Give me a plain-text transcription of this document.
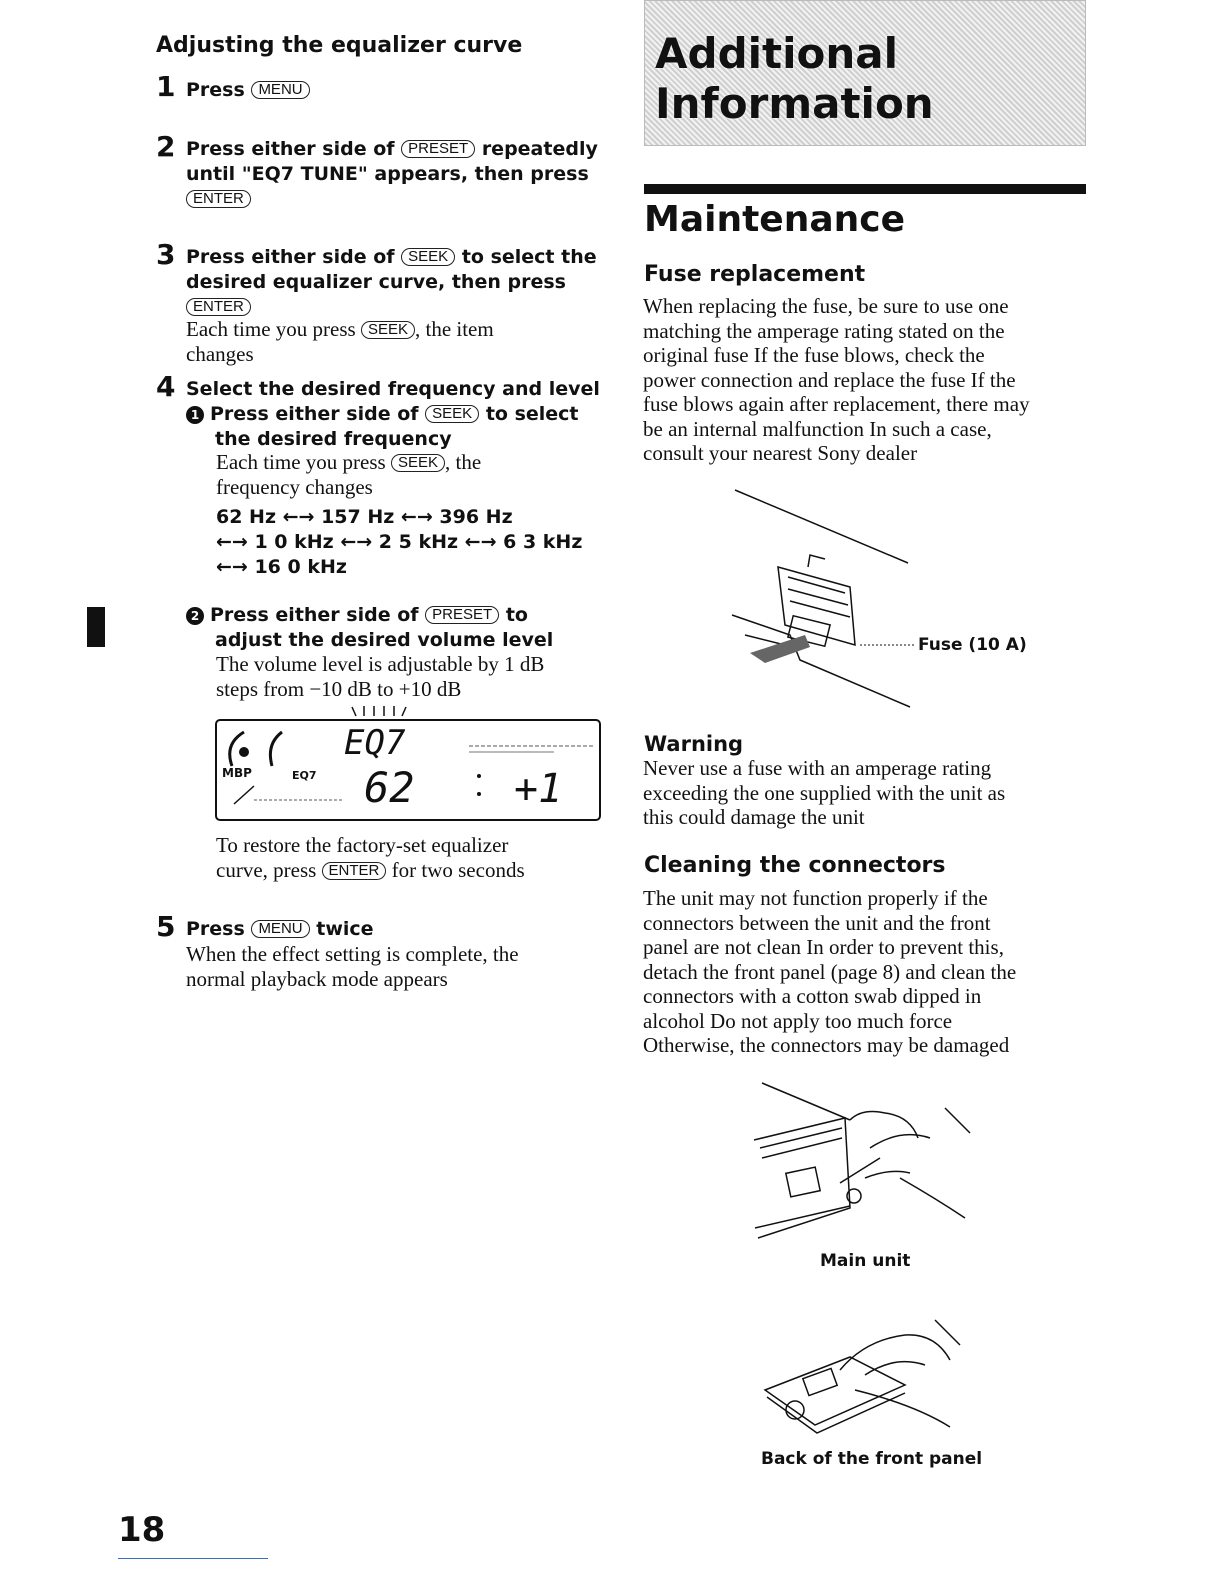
Adjusting the equalizer curve
1 Press MENU
2 Press either side of PRESET repeatedly
until "EQ7 TUNE" appears, then press
ENTER
3 Press either side of SEEK to select the
desired equalizer curve, then press
ENTER
Each time you press SEEK , the item
changes
4 Select the desired frequency and level
1 Press either side of SEEK to select
the desired frequency
Each time you press SEEK , the
frequency changes
62 Hz ←→ 157 Hz ←→ 396 Hz
←→ 1 0 kHz ←→ 2 5 kHz ←→ 6 3 kHz
←→ 16 0 kHz
2 Press either side of PRESET to
adjust the desired volume level
The volume level is adjustable by 1 dB
steps from −10 dB to +10 dB
MBP	EQ7
EQ7
62 +1
To restore the factory-set equalizer
curve, press ENTER for two seconds
5 Press MENU twice
When the effect setting is complete, the
normal playback mode appears
18
Additional
Information
Maintenance
Fuse replacement
When replacing the fuse, be sure to use one
matching the amperage rating stated on the
original fuse If the fuse blows, check the
power connection and replace the fuse If the
fuse blows again after replacement, there may
be an internal malfunction In such a case,
consult your nearest Sony dealer
Fuse (10 A)
Warning
Never use a fuse with an amperage rating
exceeding the one supplied with the unit as
this could damage the unit
Cleaning the connectors
The unit may not function properly if the
connectors between the unit and the front
panel are not clean In order to prevent this,
detach the front panel (page 8) and clean the
connectors with a cotton swab dipped in
alcohol Do not apply too much force
Otherwise, the connectors may be damaged
Main unit
Back of the front panel
